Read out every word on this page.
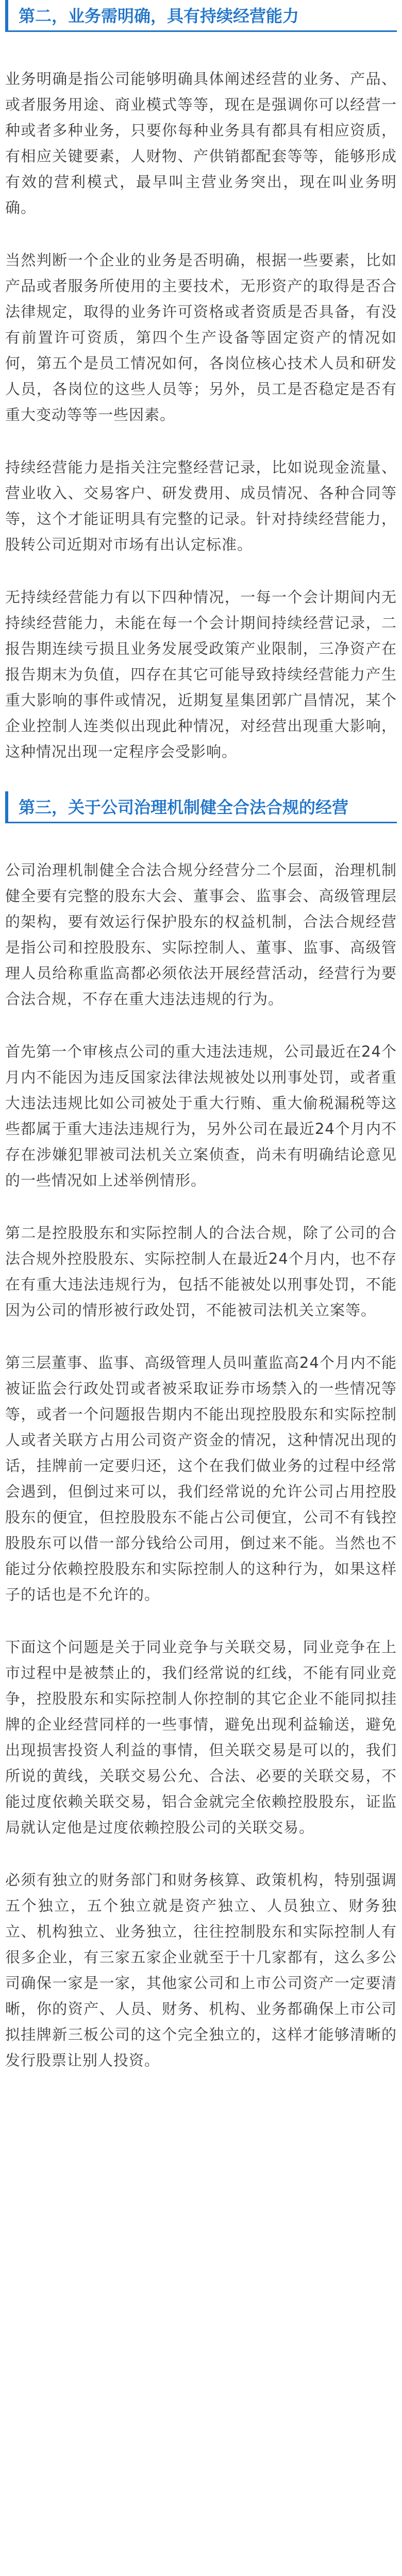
第二，业务需明确，具有持续经营能力

业务明确是指公司能够明确具体阐述经营的业务、产品、或者服务用途、商业模式等等，现在是强调你可以经营一种或者多种业务，只要你每种业务具有都具有相应资质，有相应关键要素，人财物、产供销都配套等等，能够形成有效的营利模式，最早叫主营业务突出，现在叫业务明确。

当然判断一个企业的业务是否明确，根据一些要素，比如产品或者服务所使用的主要技术，无形资产的取得是否合法律规定，取得的业务许可资格或者资质是否具备，有没有前置许可资质，第四个生产设备等固定资产的情况如何，第五个是员工情况如何，各岗位核心技术人员和研发人员，各岗位的这些人员等；另外，员工是否稳定是否有重大变动等等一些因素。

持续经营能力是指关注完整经营记录，比如说现金流量、营业收入、交易客户、研发费用、成员情况、各种合同等等，这个才能证明具有完整的记录。针对持续经营能力，股转公司近期对市场有出认定标准。

无持续经营能力有以下四种情况，一每一个会计期间内无持续经营能力，未能在每一个会计期间持续经营记录，二报告期连续亏损且业务发展受政策产业限制，三净资产在报告期末为负值，四存在其它可能导致持续经营能力产生重大影响的事件或情况，近期复星集团郭广昌情况，某个企业控制人连类似出现此种情况，对经营出现重大影响，这种情况出现一定程序会受影响。

第三，关于公司治理机制健全合法合规的经营

公司治理机制健全合法合规分经营分二个层面，治理机制健全要有完整的股东大会、董事会、监事会、高级管理层的架构，要有效运行保护股东的权益机制，合法合规经营是指公司和控股股东、实际控制人、董事、监事、高级管理人员给称重监高都必须依法开展经营活动，经营行为要合法合规，不存在重大违法违规的行为。

首先第一个审核点公司的重大违法违规，公司最近在24个月内不能因为违反国家法律法规被处以刑事处罚，或者重大违法违规比如公司被处于重大行贿、重大偷税漏税等这些都属于重大违法违规行为，另外公司在最近24个月内不存在涉嫌犯罪被司法机关立案侦查，尚未有明确结论意见的一些情况如上述举例情形。

第二是控股股东和实际控制人的合法合规，除了公司的合法合规外控股股东、实际控制人在最近24个月内，也不存在有重大违法违规行为，包括不能被处以刑事处罚，不能因为公司的情形被行政处罚，不能被司法机关立案等。

第三层董事、监事、高级管理人员叫董监高24个月内不能被证监会行政处罚或者被采取证券市场禁入的一些情况等等，或者一个问题报告期内不能出现控股股东和实际控制人或者关联方占用公司资产资金的情况，这种情况出现的话，挂牌前一定要归还，这个在我们做业务的过程中经常会遇到，但倒过来可以，我们经常说的允许公司占用控股股东的便宜，但控股股东不能占公司便宜，公司不有钱控股股东可以借一部分钱给公司用，倒过来不能。当然也不能过分依赖控股股东和实际控制人的这种行为，如果这样子的话也是不允许的。

下面这个问题是关于同业竞争与关联交易，同业竞争在上市过程中是被禁止的，我们经常说的红线，不能有同业竞争，控股股东和实际控制人你控制的其它企业不能同拟挂牌的企业经营同样的一些事情，避免出现利益输送，避免出现损害投资人利益的事情，但关联交易是可以的，我们所说的黄线，关联交易公允、合法、必要的关联交易，不能过度依赖关联交易，铝合金就完全依赖控股股东，证监局就认定他是过度依赖控股公司的关联交易。

必须有独立的财务部门和财务核算、政策机构，特别强调五个独立，五个独立就是资产独立、人员独立、财务独立、机构独立、业务独立，往往控制股东和实际控制人有很多企业，有三家五家企业就至于十几家都有，这么多公司确保一家是一家，其他家公司和上市公司资产一定要清晰，你的资产、人员、财务、机构、业务都确保上市公司拟挂牌新三板公司的这个完全独立的，这样才能够清晰的发行股票让别人投资。
